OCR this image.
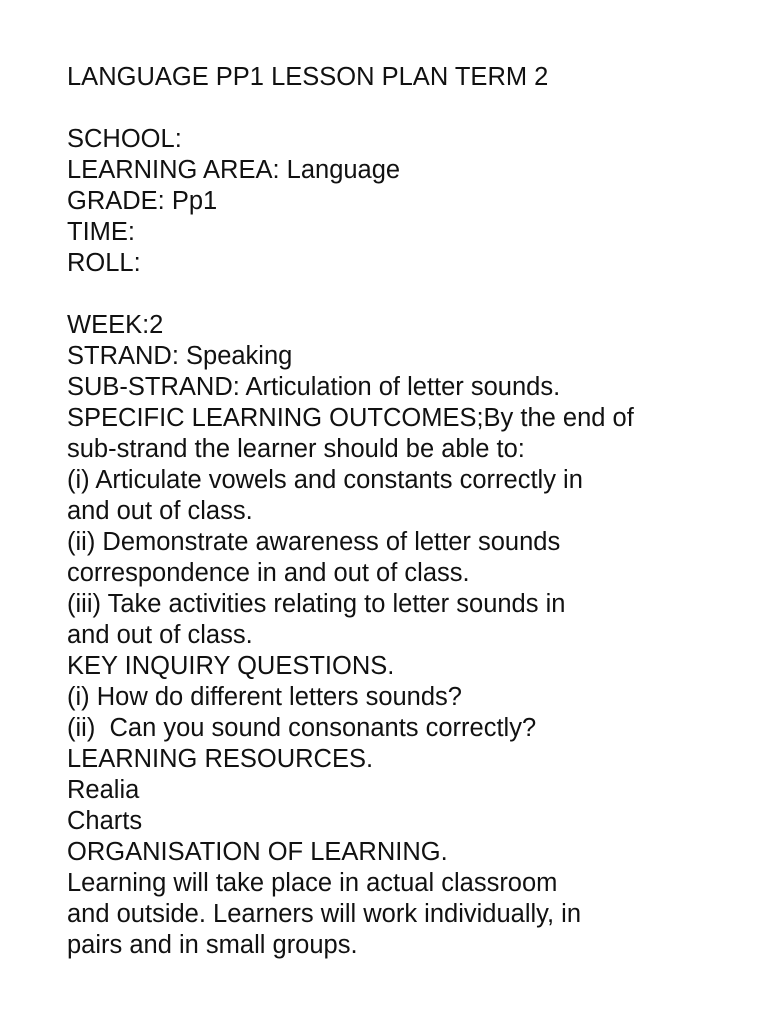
LANGUAGE PP1 LESSON PLAN TERM 2
SCHOOL:
LEARNING AREA: Language
GRADE: Pp1
TIME:
ROLL:
WEEK:2
STRAND: Speaking
SUB-STRAND: Articulation of letter sounds.
SPECIFIC LEARNING OUTCOMES;By the end of
sub-strand the learner should be able to:
(i) Articulate vowels and constants correctly in
and out of class.
(ii) Demonstrate awareness of letter sounds
correspondence in and out of class.
(iii) Take activities relating to letter sounds in
and out of class.
KEY INQUIRY QUESTIONS.
(i) How do different letters sounds?
(ii)  Can you sound consonants correctly?
LEARNING RESOURCES.
Realia
Charts
ORGANISATION OF LEARNING.
Learning will take place in actual classroom
and outside. Learners will work individually, in
pairs and in small groups.
